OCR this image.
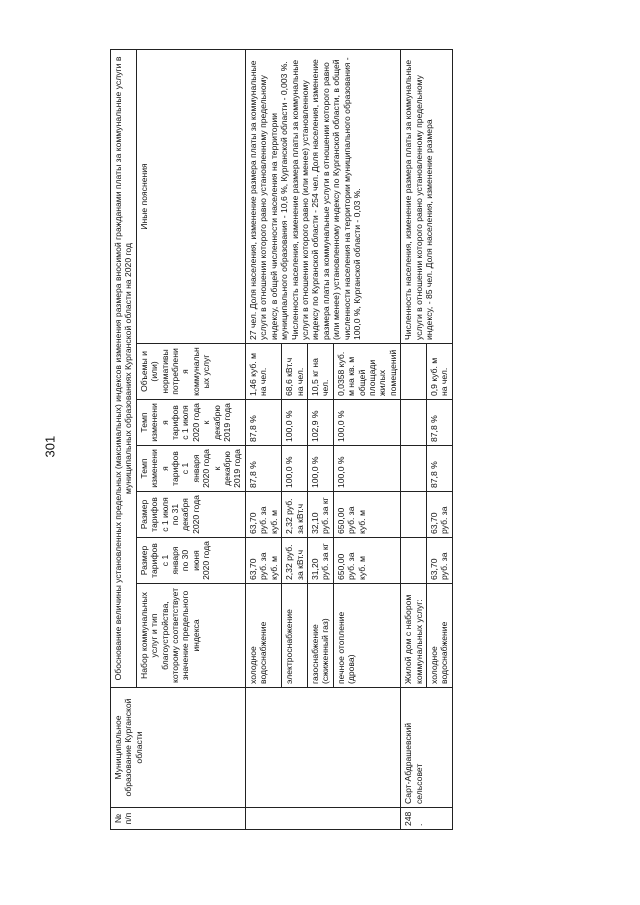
301
№ п/п	Муниципальное образование Курганской области	Обоснование величины установленных предельных (максимальных) индексов изменения размера вносимой гражданами платы за коммунальные услуги в муниципальных образованиях Курганской области на 2020 год						
		Набор коммунальных услуг и тип благоустройства, которому соответствует значение предельного индекса	Размер тарифов с 1 января по 30 июня 2020 года	Размер тарифов с 1 июля по 31 декабря 2020 года	Темп изменения тарифов с 1 января 2020 года к декабрю 2019 года	Темп изменения тарифов с 1 июля 2020 года к декабрю 2019 года	Объемы и (или) нормативы потребления коммунальных услуг	Иные пояснения
		холодное водоснабжение	63,70 руб. за куб. м	63,70 руб. за куб. м	87,8 %	87,8 %	1,46 куб. м на чел.	27 чел. Доля населения, изменение размера платы за коммунальные услуги в отношении которого равно установленному предельному индексу, в общей численности населения на территории муниципального образования - 10,6 %, Курганской области - 0,003 %. Численность населения, изменение размера платы за коммунальные услуги в отношении которого равно (или менее) установленному индексу по Курганской области - 254 чел. Доля населения, изменение размера платы за коммунальные услуги в отношении которого равно (или менее) установленному индексу по Курганской области, в общей численности населения на территории муниципального образования - 100,0 %, Курганской области - 0,03 %.
		электроснабжение	2,32 руб. за кВт.ч	2,32 руб. за кВт.ч	100,0 %	100,0 %	68,6 кВт.ч на чел.	
		газоснабжение (сжиженный газ)	31,20 руб. за кг	32,10 руб. за кг	100,0 %	102,9 %	10,5 кг на чел.	
		печное отопление (дрова)	650,00 руб. за куб. м	650,00 руб. за куб. м	100,0 %	100,0 %	0,0358 куб. м на кв. м общей площади жилых помещений	
248.	Сарт-Абдрашевский сельсовет	Жилой дом с набором коммунальных услуг:						Численность населения, изменение размера платы за коммунальные услуги в отношении которого равно установленному предельному индексу, - 85 чел. Доля населения, изменение размера
		холодное водоснабжение	63,70 руб. за	63,70 руб. за	87,8 %	87,8 %	0,9 куб. м на чел.	
